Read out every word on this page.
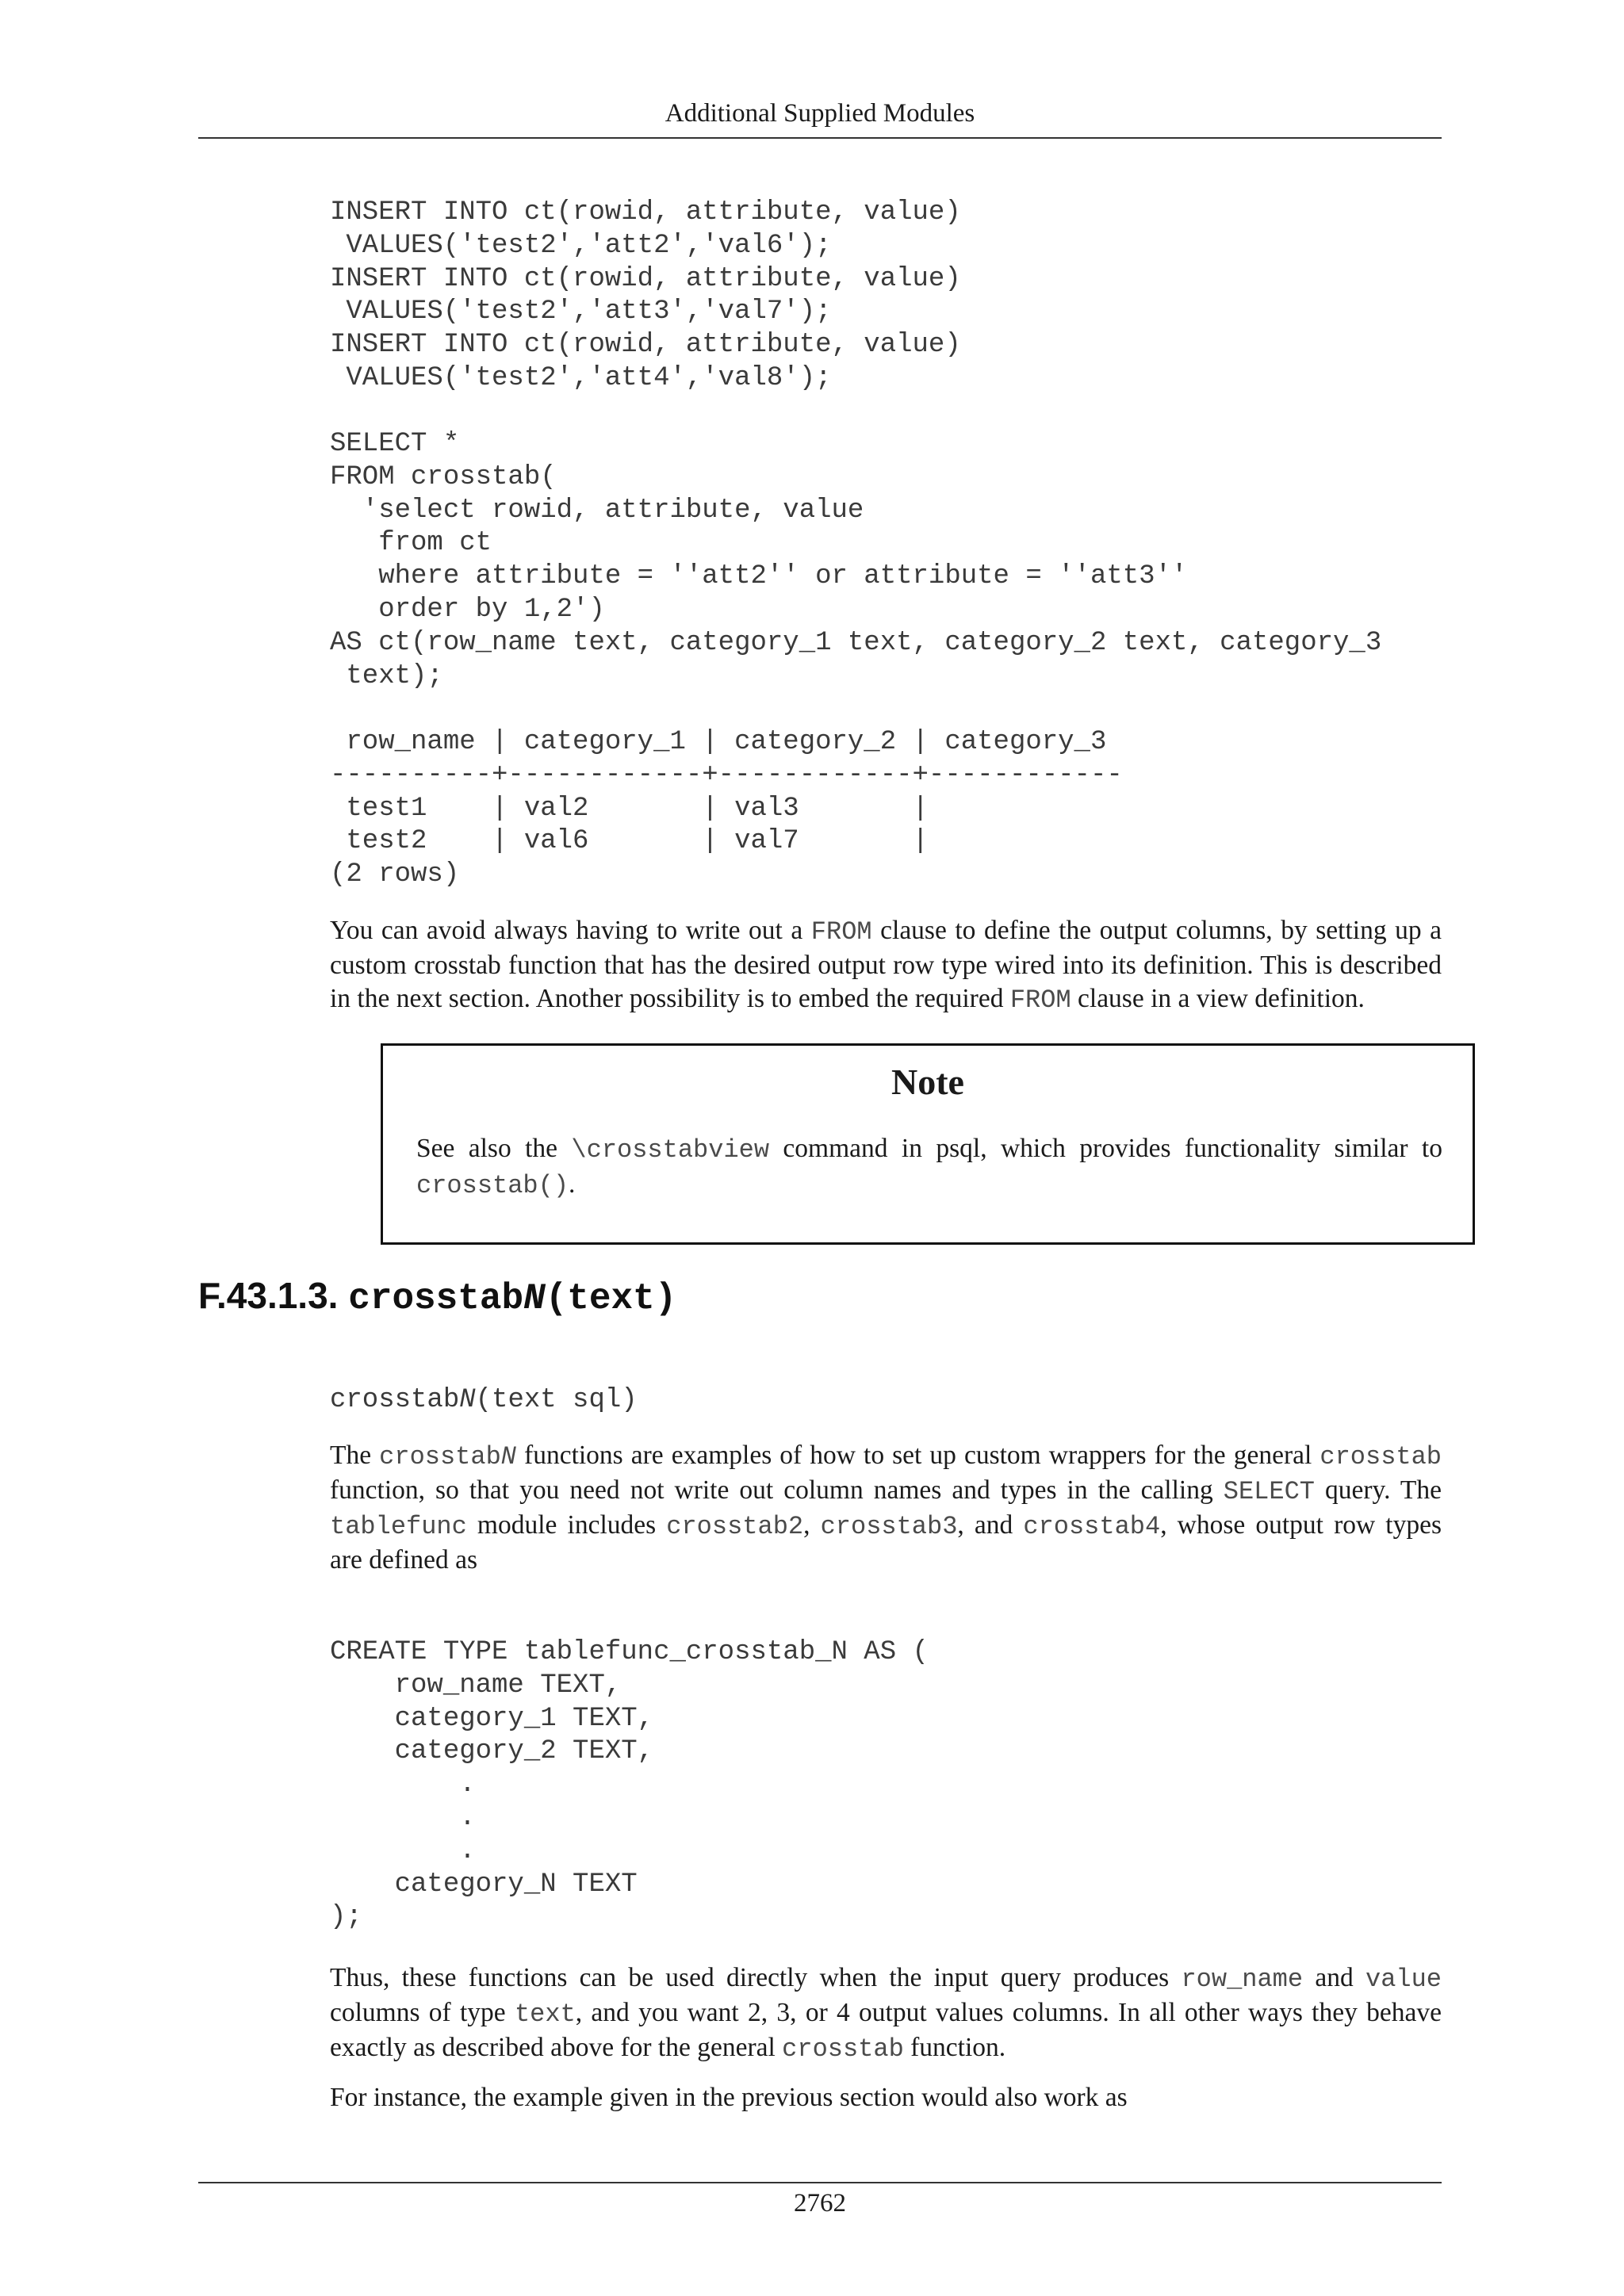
Additional Supplied Modules
INSERT INTO ct(rowid, attribute, value)
VALUES('test2','att2','val6');
INSERT INTO ct(rowid, attribute, value)
VALUES('test2','att3','val7');
INSERT INTO ct(rowid, attribute, value)
VALUES('test2','att4','val8');
SELECT *
FROM crosstab(
'select rowid, attribute, value
from ct
where attribute = ''att2'' or attribute = ''att3''
order by 1,2')
AS ct(row_name text, category_1 text, category_2 text, category_3
text);
row_name | category_1 | category_2 | category_3
----------+------------+------------+------------
test1    | val2       | val3       |
test2    | val6       | val7       |
(2 rows)

You can avoid always having to write out a FROM clause to define the output columns, by setting up a custom crosstab function that has the desired output row type wired into its definition. This is described in the next section. Another possibility is to embed the required FROM clause in a view definition.

Note

See also the \crosstabview command in psql, which provides functionality similar to crosstab().

F.43.1.3. crosstabN(text)
crosstabN(text sql)

The crosstabN functions are examples of how to set up custom wrappers for the general crosstab function, so that you need not write out column names and types in the calling SELECT query. The tablefunc module includes crosstab2, crosstab3, and crosstab4, whose output row types are defined as

CREATE TYPE tablefunc_crosstab_N AS (
row_name TEXT,
category_1 TEXT,
category_2 TEXT,
.
.
.
category_N TEXT
);

Thus, these functions can be used directly when the input query produces row_name and value columns of type text, and you want 2, 3, or 4 output values columns. In all other ways they behave exactly as described above for the general crosstab function.

For instance, the example given in the previous section would also work as

2762
